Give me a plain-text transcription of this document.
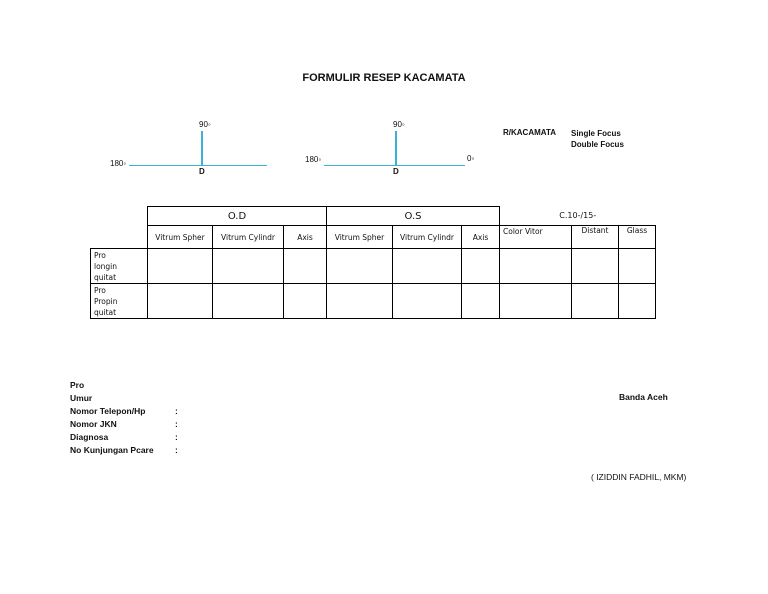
FORMULIR RESEP KACAMATA
90◦
180◦
D
90◦
180◦	0◦
D
R/KACAMATA Single Focus
Double Focus
	O.D			O.S			C.10-/15-		
	Vitrum Spher	Vitrum Cylindr	Axis	Vitrum Spher	Vitrum Cylindr	Axis	Color Vitor	Distant	Glass

Pro
longin
quitat									

Pro
Propin
quitat									

Pro
Umur
Nomor Telepon/Hp	:
Nomor JKN	:
Diagnosa	:
No Kunjungan Pcare	:
Banda Aceh
( IZIDDIN FADHIL, MKM)
